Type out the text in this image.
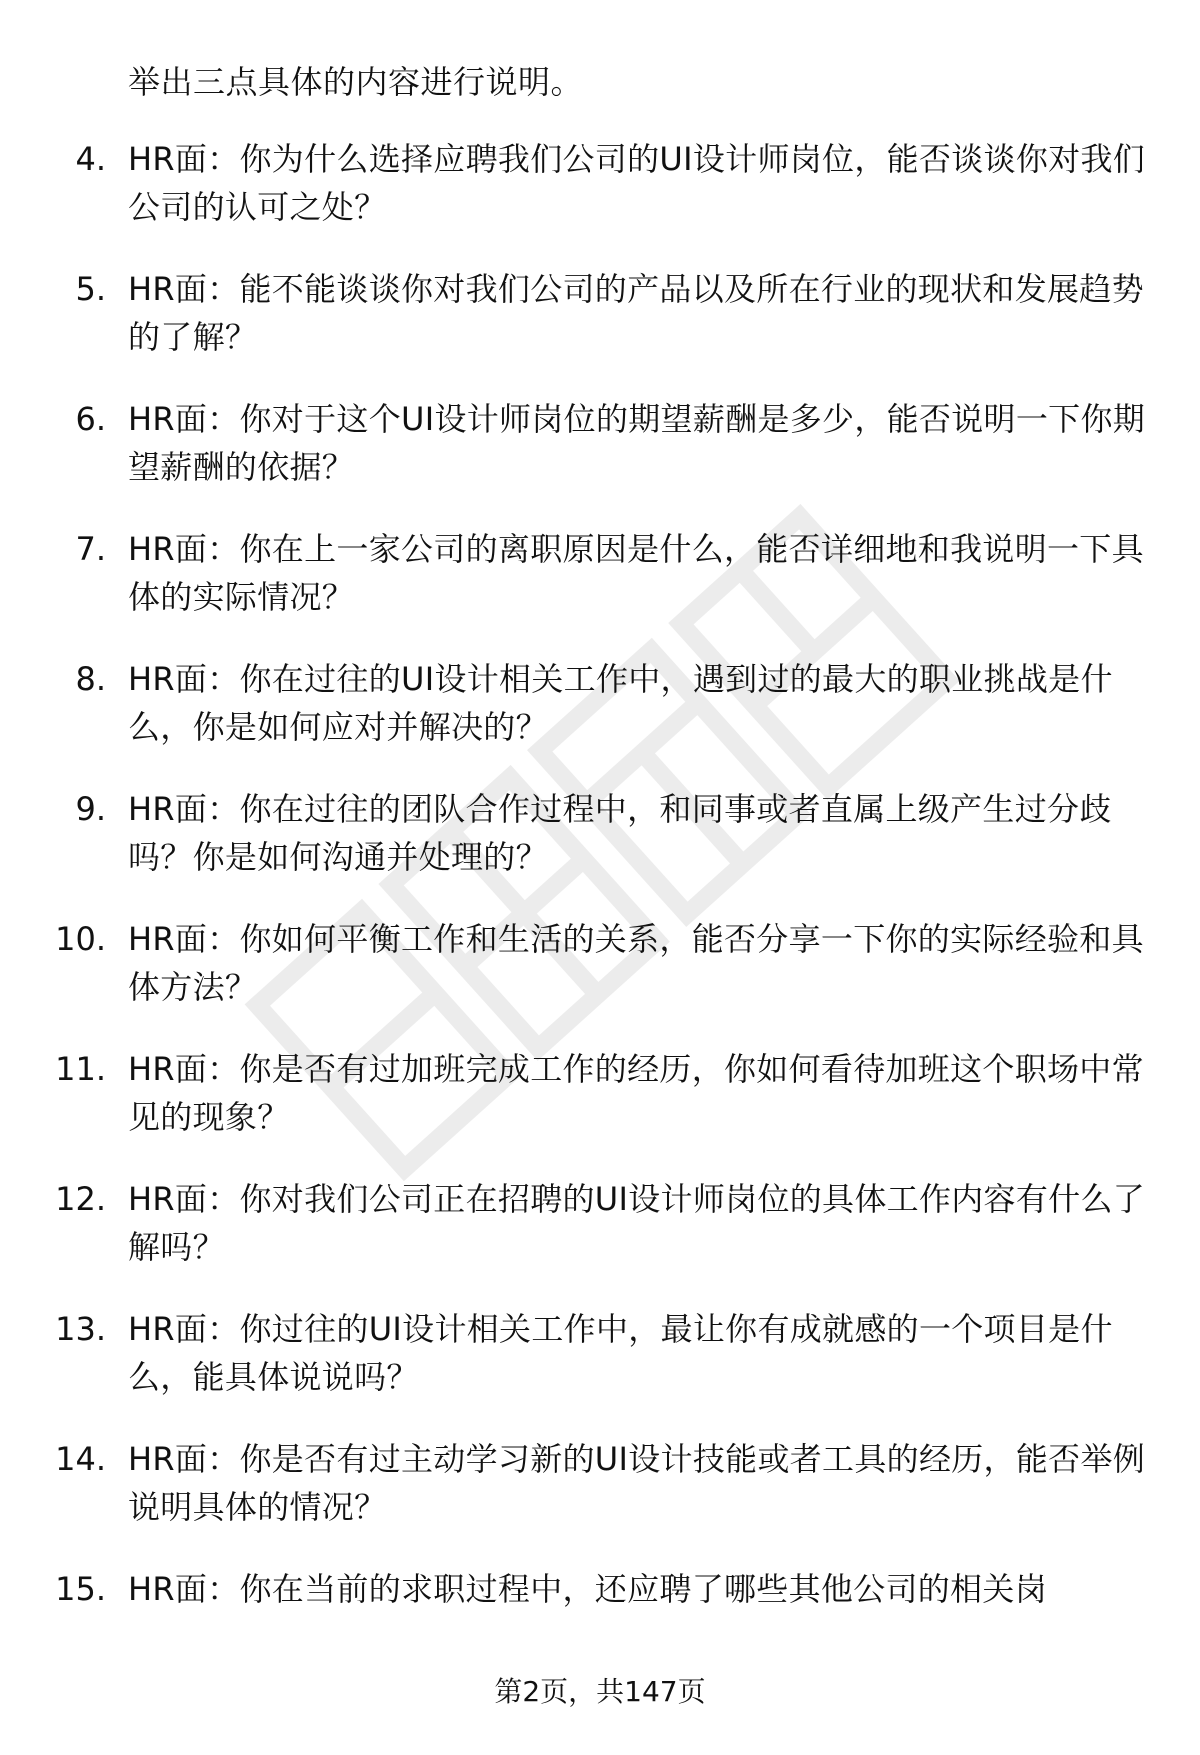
举出三点具体的内容进行说明。
4. HR面：你为什么选择应聘我们公司的UI设计师岗位，能否谈谈你对我们公司的认可之处？
5. HR面：能不能谈谈你对我们公司的产品以及所在行业的现状和发展趋势的了解？
6. HR面：你对于这个UI设计师岗位的期望薪酬是多少，能否说明一下你期望薪酬的依据？
7. HR面：你在上一家公司的离职原因是什么，能否详细地和我说明一下具体的实际情况？
8. HR面：你在过往的UI设计相关工作中，遇到过的最大的职业挑战是什么，你是如何应对并解决的？
9. HR面：你在过往的团队合作过程中，和同事或者直属上级产生过分歧吗？你是如何沟通并处理的？
10. HR面：你如何平衡工作和生活的关系，能否分享一下你的实际经验和具体方法？
11. HR面：你是否有过加班完成工作的经历，你如何看待加班这个职场中常见的现象？
12. HR面：你对我们公司正在招聘的UI设计师岗位的具体工作内容有什么了解吗？
13. HR面：你过往的UI设计相关工作中，最让你有成就感的一个项目是什么，能具体说说吗？
14. HR面：你是否有过主动学习新的UI设计技能或者工具的经历，能否举例说明具体的情况？
15. HR面：你在当前的求职过程中，还应聘了哪些其他公司的相关岗
第2页，共147页
